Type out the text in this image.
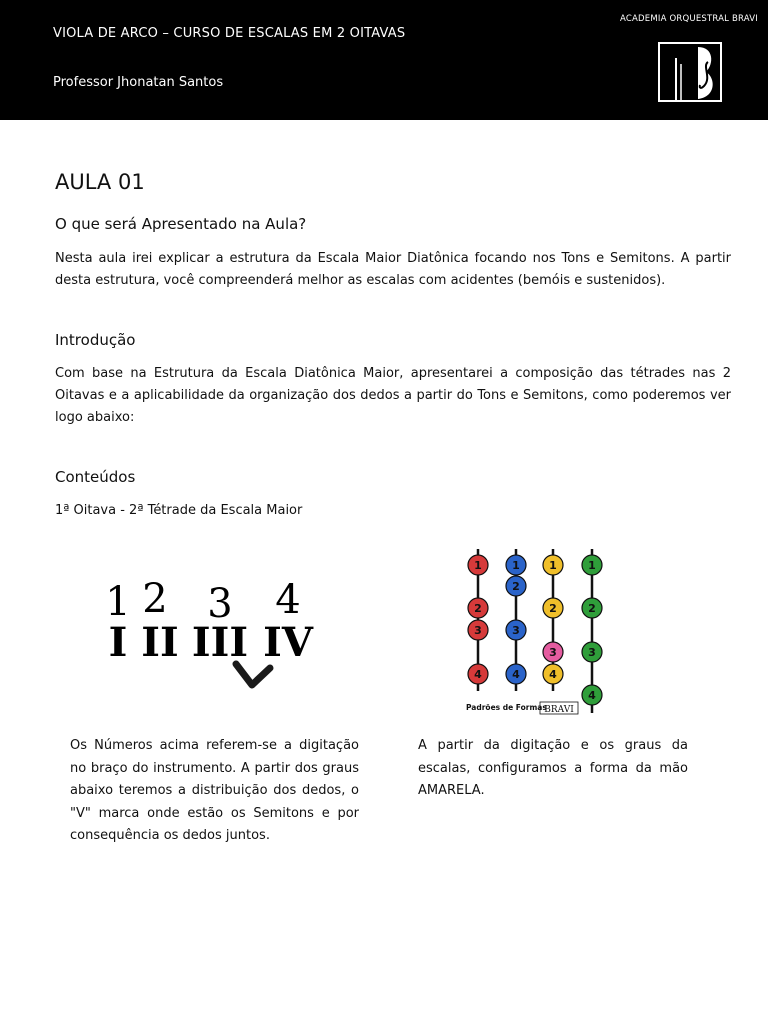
VIOLA DE ARCO – CURSO DE ESCALAS EM 2 OITAVAS
Professor Jhonatan Santos
ACADEMIA ORQUESTRAL BRAVI
AULA 01
O que será Apresentado na Aula?

Nesta aula irei explicar a estrutura da Escala Maior Diatônica focando nos Tons e Semitons. A partir desta estrutura, você compreenderá melhor as escalas com acidentes (bemóis e sustenidos).

Introdução

Com base na Estrutura da Escala Diatônica Maior, apresentarei a composição das tétrades nas 2 Oitavas e a aplicabilidade da organização dos dedos a partir do Tons e Semitons, como poderemos ver logo abaixo:

Conteúdos

1ª Oitava - 2ª Tétrade da Escala Maior

1 2 3 4
I II III IV
1
2
3
4
1
2
3
4
1
2
3
4
1
2
3
4
Padrões de Formas
BRAVI

Os Números acima referem-se a digitação no braço do instrumento. A partir dos graus abaixo teremos a distribuição dos dedos, o "V" marca onde estão os Semitons e por consequência os dedos juntos.

A partir da digitação e os graus da escalas, configuramos a forma da mão AMARELA.
